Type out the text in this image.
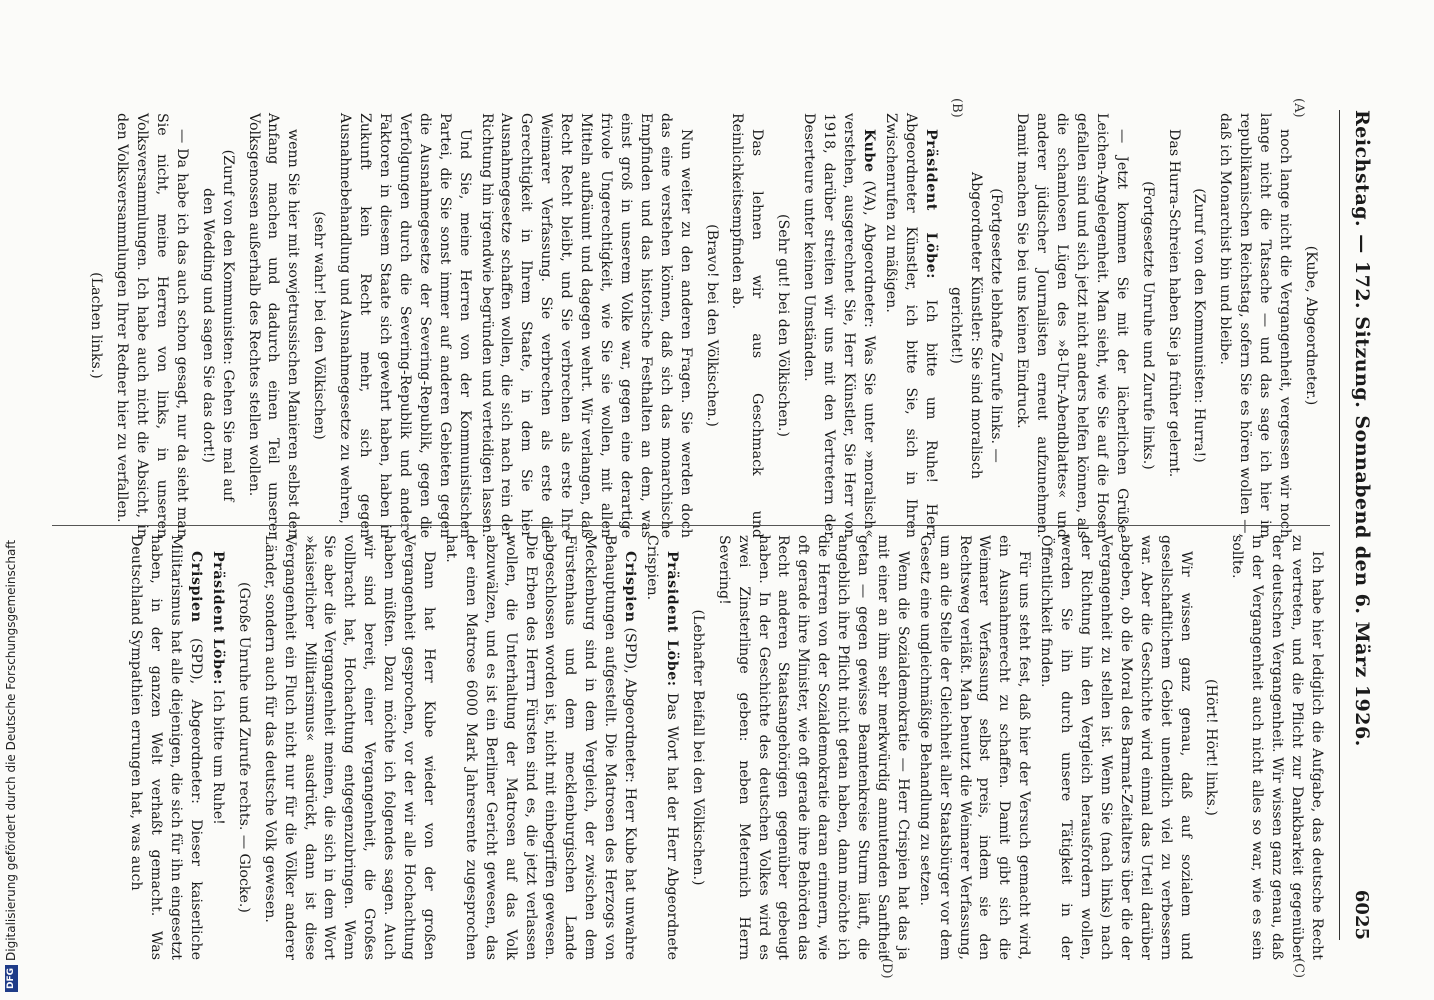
Reichstag. — 172. Sitzung. Sonnabend den 6. März 1926.
6025
(A)
(B)
(C)
(D)

(Kube, Abgeordneter.)

noch lange nicht die Vergangenheit, vergessen wir noch lange nicht die Tatsache — und das sage ich hier im republikanischen Reichstag, sofern Sie es hören wollen —, daß ich Monarchist bin und bleibe.

(Zuruf von den Kommunisten: Hurra!)

Das Hurra-Schreien haben Sie ja früher gelernt.

(Fortgesetzte Unruhe und Zurufe links.)

— Jetzt kommen Sie mit der lächerlichen Grüße-Leichen-Angelegenheit. Man sieht, wie Sie auf die Hosen gefallen sind und sich jetzt nicht anders helfen können, als die schamlosen Lügen des »8-Uhr-Abendblattes« und anderer jüdischer Journalisten erneut aufzunehmen. Damit machen Sie bei uns keinen Eindruck.

(Fortgesetzte lebhafte Zurufe links. — Abgeordneter Künstler: Sie sind moralisch gerichtet!)

Präsident Löbe: Ich bitte um Ruhe! Herr Abgeordneter Künstler, ich bitte Sie, sich in Ihren Zwischenrufen zu mäßigen.

Kube (VA), Abgeordneter: Was Sie unter »moralisch« verstehen, ausgerechnet Sie, Herr Künstler, Sie Herr von 1918, darüber streiten wir uns mit den Vertretern der Deserteure unter keinen Umständen.

(Sehr gut! bei den Völkischen.)

Das lehnen wir aus Geschmack und Reinlichkeitsempfinden ab.

(Bravo! bei den Völkischen.)

Nun weiter zu den anderen Fragen. Sie werden doch das eine verstehen können, daß sich das monarchische Empfinden und das historische Festhalten an dem, was einst groß in unserem Volke war, gegen eine derartige frivole Ungerechtigkeit, wie Sie sie wollen, mit allen Mitteln aufbäumt und dagegen wehrt. Wir verlangen, daß Recht Recht bleibt, und Sie verbrechen als erste Ihre Weimarer Verfassung. Sie verbrechen als erste die Gerechtigkeit in Ihrem Staate, in dem Sie hier Ausnahmegesetze schaffen wollen, die sich nach rein der Richtung hin irgendwie begründen und verteidigen lassen.

Und Sie, meine Herren von der Kommunistischen Partei, die Sie sonst immer auf anderen Gebieten gegen die Ausnahmegesetze der Severing-Republik, gegen die Verfolgungen durch die Severing-Republik und andere Faktoren in diesem Staate sich gewehrt haben, haben in Zukunft kein Recht mehr, sich gegen Ausnahmebehandlung und Ausnahmegesetze zu wehren,

(sehr wahr! bei den Völkischen)

wenn Sie hier mit sowjetrussischen Manieren selbst den Anfang machen und dadurch einen Teil unserer Volksgenossen außerhalb des Rechtes stellen wollen.

(Zuruf von den Kommunisten: Gehen Sie mal auf den Wedding und sagen Sie das dort!)

— Da habe ich das auch schon gesagt, nur da sieht man Sie nicht, meine Herren von links, in unseren Volksversammlungen. Ich habe auch nicht die Absicht, in den Volksversammlungen Ihrer Redner hier zu verfallen.

(Lachen links.)

Ich habe hier lediglich die Aufgabe, das deutsche Recht zu vertreten, und die Pflicht zur Dankbarkeit gegenüber der deutschen Vergangenheit. Wir wissen ganz genau, daß in der Vergangenheit auch nicht alles so war, wie es sein sollte.

(Hört! Hört! links.)

Wir wissen ganz genau, daß auf sozialem und gesellschaftlichem Gebiet unendlich viel zu verbessern war. Aber die Geschichte wird einmal das Urteil darüber abgeben, ob die Moral des Barmat-Zeitalters über die der Vergangenheit zu stellen ist. Wenn Sie (nach links) nach der Richtung hin den Vergleich herausfordern wollen, werden Sie ihn durch unsere Tätigkeit in der Öffentlichkeit finden.

Für uns steht fest, daß hier der Versuch gemacht wird, ein Ausnahmerecht zu schaffen. Damit gibt sich die Weimarer Verfassung selbst preis, indem sie den Rechtsweg verläßt. Man benutzt die Weimarer Verfassung, um an die Stelle der Gleichheit aller Staatsbürger vor dem Gesetz eine ungleichmäßige Behandlung zu setzen.

Wenn die Sozialdemokratie — Herr Crispien hat das ja mit einer an ihm sehr merkwürdig anmutenden Sanftheit getan — gegen gewisse Beamtenkreise Sturm läuft, die angeblich ihre Pflicht nicht getan haben, dann möchte ich die Herren von der Sozialdemokratie daran erinnern, wie oft gerade ihre Minister, wie oft gerade ihre Behörden das Recht anderen Staatsangehörigen gegenüber gebeugt haben. In der Geschichte des deutschen Volkes wird es zwei Zinsterlinge geben: neben Meternich Herrn Severing!

(Lebhafter Beifall bei den Völkischen.)

Präsident Löbe: Das Wort hat der Herr Abgeordnete Crispien.

Crispien (SPD), Abgeordneter: Herr Kube hat unwahre Behauptungen aufgestellt. Die Matrosen des Herzogs von Mecklenburg sind in dem Vergleich, der zwischen dem Fürstenhaus und dem mecklenburgischen Lande abgeschlossen worden ist, nicht mit einbegriffen gewesen. Die Erben des Herrn Fürsten sind es, die jetzt verlassen wollen, die Unterhaltung der Matrosen auf das Volk abzuwälzen, und es ist ein Berliner Gericht gewesen, das der einen Matrose 6000 Mark Jahresrente zugesprochen hat.

Dann hat Herr Kube wieder von der großen Vergangenheit gesprochen, vor der wir alle Hochachtung haben müßten. Dazu möchte ich folgendes sagen. Auch wir sind bereit, einer Vergangenheit, die Großes vollbracht hat, Hochachtung entgegenzubringen. Wenn Sie aber die Vergangenheit meinen, die sich in dem Wort »kaiserlicher Militarismus« ausdrückt, dann ist diese Vergangenheit ein Fluch nicht nur für die Völker anderer Länder, sondern auch für das deutsche Volk gewesen.

(Große Unruhe und Zurufe rechts. — Glocke.)

Präsident Löbe: Ich bitte um Ruhe!

Crispien (SPD), Abgeordneter: Dieser kaiserliche Militarismus hat alle diejenigen, die sich für ihn eingesetzt haben, in der ganzen Welt verhaßt gemacht. Was Deutschland Sympathien errungen hat, was auch

DFG
Digitalisierung gefördert durch die Deutsche Forschungsgemeinschaft
